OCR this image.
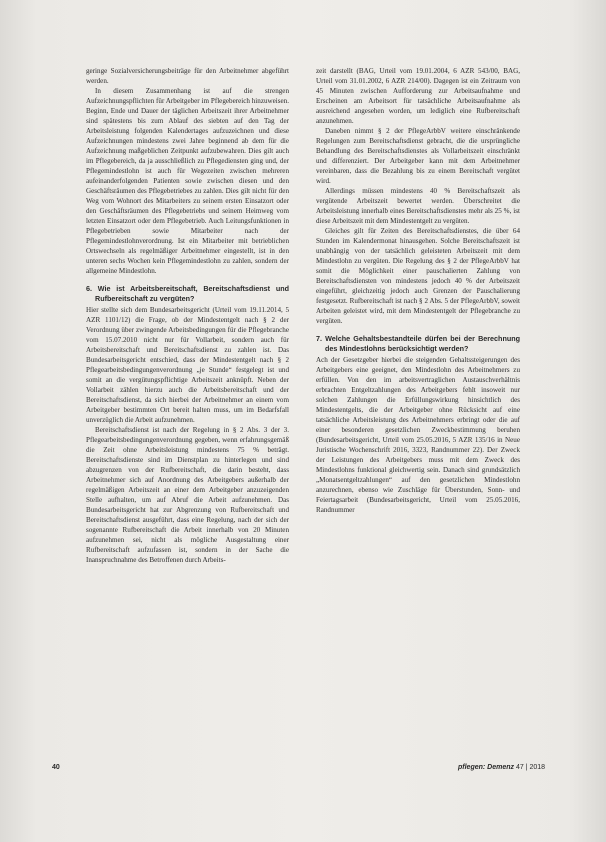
geringe Sozialversicherungsbeiträge für den Arbeitnehmer abgeführt werden.

In diesem Zusammenhang ist auf die strengen Aufzeichnungspflichten für Arbeitgeber im Pflegebereich hinzuweisen. Beginn, Ende und Dauer der täglichen Arbeitszeit ihrer Arbeitnehmer sind spätestens bis zum Ablauf des siebten auf den Tag der Arbeitsleistung folgenden Kalendertages aufzuzeichnen und diese Aufzeichnungen mindestens zwei Jahre beginnend ab dem für die Aufzeichnung maßgeblichen Zeitpunkt aufzubewahren. Dies gilt auch im Pflegebereich, da ja ausschließlich zu Pflegediensten ging und, der Pflegemindestlohn ist auch für Wegezeiten zwischen mehreren aufeinanderfolgenden Patienten sowie zwischen diesen und den Geschäftsräumen des Pflegebetriebes zu zahlen. Dies gilt nicht für den Weg vom Wohnort des Mitarbeiters zu seinem ersten Einsatzort oder den Geschäftsräumen des Pflegebetriebs und seinem Heimweg vom letzten Einsatzort oder dem Pflegebetrieb. Auch Leitungsfunktionen in Pflegebetrieben sowie Mitarbeiter nach der Pflegemindestlohnverordnung. Ist ein Mitarbeiter mit betrieblichen Ortswechseln als regelmäßiger Arbeitnehmer eingestellt, ist in den unteren sechs Wochen kein Pflegemindestlohn zu zahlen, sondern der allgemeine Mindestlohn.

6. Wie ist Arbeitsbereitschaft, Bereitschaftsdienst und Rufbereitschaft zu vergüten?

Hier stellte sich dem Bundesarbeitsgericht (Urteil vom 19.11.2014, 5 AZR 1101/12) die Frage, ob der Mindestentgelt nach § 2 der Verordnung über zwingende Arbeitsbedingungen für die Pflegebranche vom 15.07.2010 nicht nur für Vollarbeit, sondern auch für Arbeitsbereitschaft und Bereitschaftsdienst zu zahlen ist. Das Bundesarbeitsgericht entschied, dass der Mindestentgelt nach § 2 Pflegearbeitsbedingungenverordnung „je Stunde“ festgelegt ist und somit an die vergütungspflichtige Arbeitszeit anknüpft. Neben der Vollarbeit zählen hierzu auch die Arbeitsbereitschaft und der Bereitschaftsdienst, da sich hierbei der Arbeitnehmer an einem vom Arbeitgeber bestimmten Ort bereit halten muss, um im Bedarfsfall unverzüglich die Arbeit aufzunehmen.

Bereitschaftsdienst ist nach der Regelung in § 2 Abs. 3 der 3. Pflegearbeitsbedingungenverordnung gegeben, wenn erfahrungsgemäß die Zeit ohne Arbeitsleistung mindestens 75 % beträgt. Bereitschaftsdienste sind im Dienstplan zu hinterlegen und sind abzugrenzen von der Rufbereitschaft, die darin besteht, dass Arbeitnehmer sich auf Anordnung des Arbeitgebers außerhalb der regelmäßigen Arbeitszeit an einer dem Arbeitgeber anzuzeigenden Stelle aufhalten, um auf Abruf die Arbeit aufzunehmen. Das Bundesarbeitsgericht hat zur Abgrenzung von Rufbereitschaft und Bereitschaftsdienst ausgeführt, dass eine Regelung, nach der sich der sogenannte Rufbereitschaft die Arbeit innerhalb von 20 Minuten aufzunehmen sei, nicht als mögliche Ausgestaltung einer Rufbereitschaft aufzufassen ist, sondern in der Sache die Inanspruchnahme des Betroffenen durch Arbeits-

zeit darstellt (BAG, Urteil vom 19.01.2004, 6 AZR 543/00, BAG, Urteil vom 31.01.2002, 6 AZR 214/00). Dagegen ist ein Zeitraum von 45 Minuten zwischen Aufforderung zur Arbeitsaufnahme und Erscheinen am Arbeitsort für tatsächliche Arbeitsaufnahme als ausreichend angesehen worden, um lediglich eine Rufbereitschaft anzunehmen.

Daneben nimmt § 2 der PflegeArbbV weitere einschränkende Regelungen zum Bereitschaftsdienst gebracht, die die ursprüngliche Behandlung des Bereitschaftsdienstes als Vollarbeitszeit einschränkt und differenziert. Der Arbeitgeber kann mit dem Arbeitnehmer vereinbaren, dass die Bezahlung bis zu einem Bereitschaft vergütet wird.

Allerdings müssen mindestens 40 % Bereitschaftszeit als vergütende Arbeitszeit bewertet werden. Überschreitet die Arbeitsleistung innerhalb eines Bereitschaftsdienstes mehr als 25 %, ist diese Arbeitszeit mit dem Mindestentgelt zu vergüten.

Gleiches gilt für Zeiten des Bereitschaftsdienstes, die über 64 Stunden im Kalendermonat hinausgehen. Solche Bereitschaftszeit ist unabhängig von der tatsächlich geleisteten Arbeitszeit mit dem Mindestlohn zu vergüten. Die Regelung des § 2 der PflegeArbbV hat somit die Möglichkeit einer pauschalierten Zahlung von Bereitschaftsdiensten von mindestens jedoch 40 % der Arbeitszeit eingeführt, gleichzeitig jedoch auch Grenzen der Pauschalierung festgesetzt. Rufbereitschaft ist nach § 2 Abs. 5 der PflegeArbbV, soweit Arbeiten geleistet wird, mit dem Mindestentgelt der Pflegebranche zu vergüten.

7. Welche Gehaltsbestandteile dürfen bei der Berechnung des Mindestlohns berücksichtigt werden?

Ach der Gesetzgeber hierbei die steigenden Gehaltssteigerungen des Arbeitgebers eine geeignet, den Mindestlohn des Arbeitnehmers zu erfüllen. Von den im arbeitsvertraglichen Austauschverhältnis erbrachten Entgeltzahlungen des Arbeitgebers fehlt insoweit nur solchen Zahlungen die Erfüllungswirkung hinsichtlich des Mindestentgelts, die der Arbeitgeber ohne Rücksicht auf eine tatsächliche Arbeitsleistung des Arbeitnehmers erbringt oder die auf einer besonderen gesetzlichen Zweckbestimmung beruhen (Bundesarbeitsgericht, Urteil vom 25.05.2016, 5 AZR 135/16 in Neue Juristische Wochenschrift 2016, 3323, Randnummer 22). Der Zweck der Leistungen des Arbeitgebers muss mit dem Zweck des Mindestlohns funktional gleichwertig sein. Danach sind grundsätzlich „Monatsentgeltzahlungen“ auf den gesetzlichen Mindestlohn anzurechnen, ebenso wie Zuschläge für Überstunden, Sonn- und Feiertagsarbeit (Bundesarbeitsgericht, Urteil vom 25.05.2016, Randnummer

40	pflegen: Demenz 47 | 2018
